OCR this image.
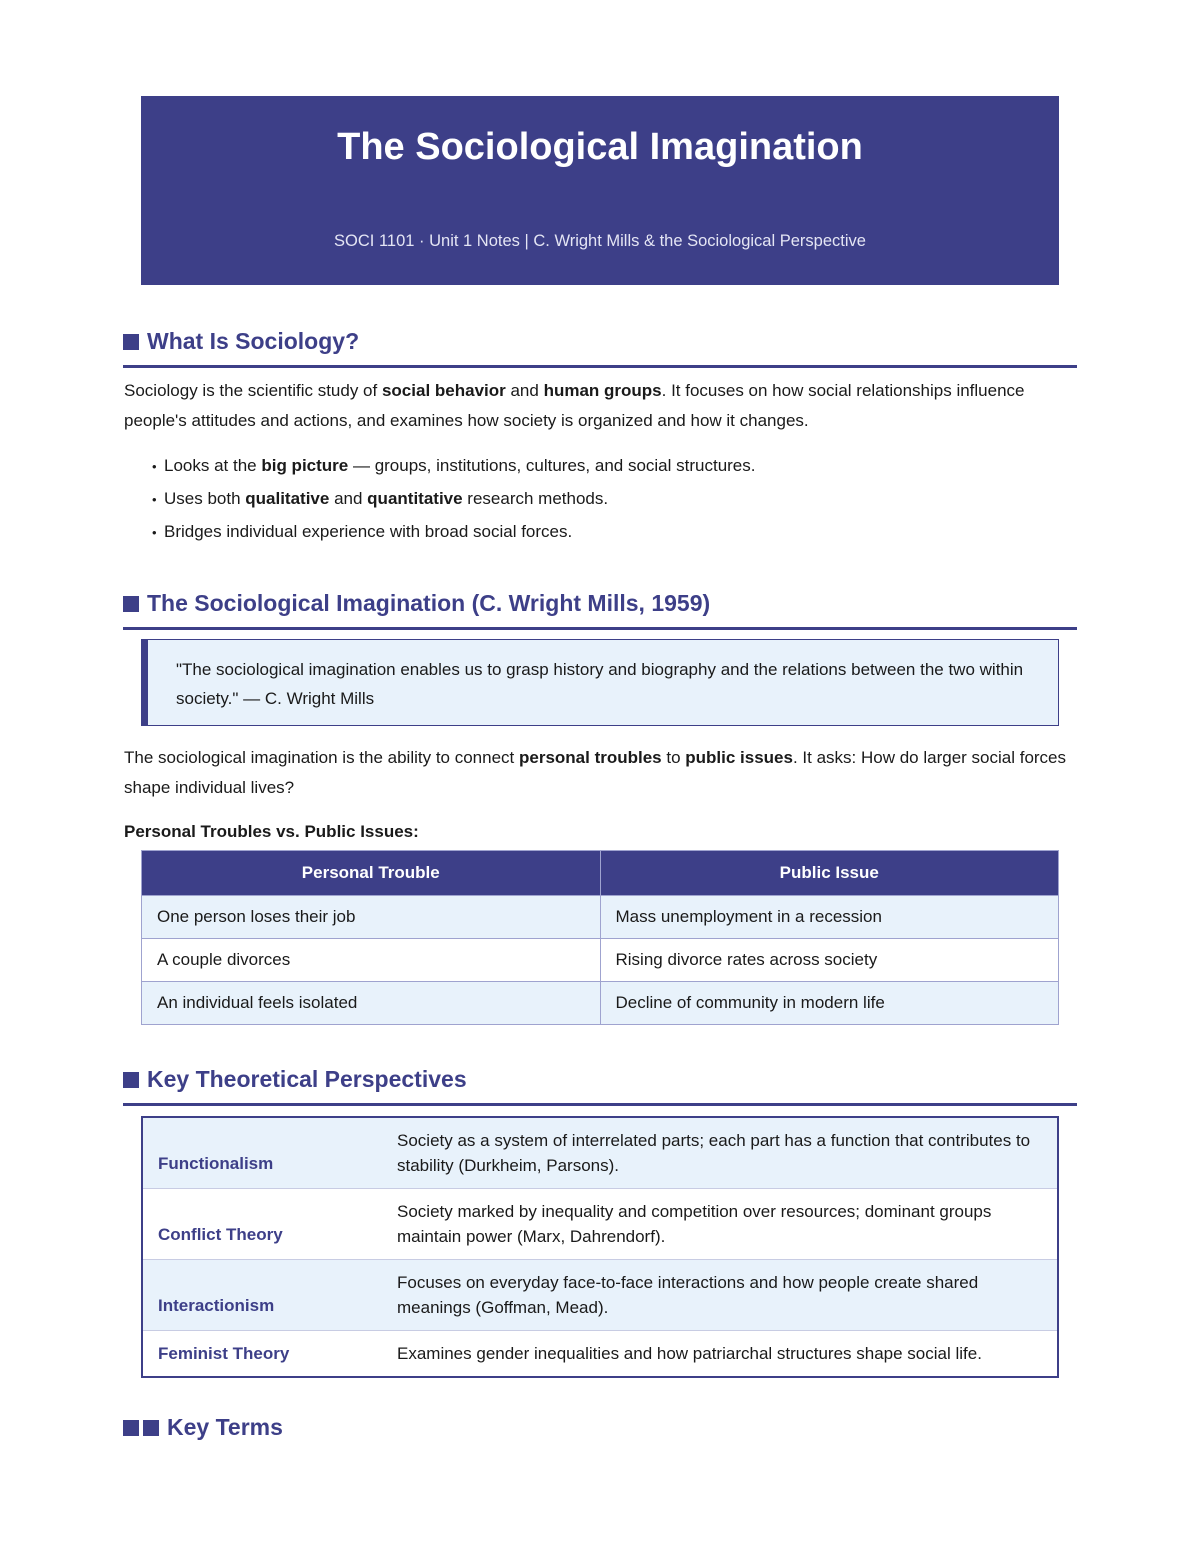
The Sociological Imagination
SOCI 1101 · Unit 1 Notes | C. Wright Mills & the Sociological Perspective
What Is Sociology?

Sociology is the scientific study of social behavior and human groups. It focuses on how social relationships influence people's attitudes and actions, and examines how society is organized and how it changes.

• Looks at the big picture — groups, institutions, cultures, and social structures.
• Uses both qualitative and quantitative research methods.
• Bridges individual experience with broad social forces.
The Sociological Imagination (C. Wright Mills, 1959)
"The sociological imagination enables us to grasp history and biography and the relations between the two within society." — C. Wright Mills

The sociological imagination is the ability to connect personal troubles to public issues. It asks: How do larger social forces shape individual lives?

Personal Troubles vs. Public Issues:
Personal Trouble	Public Issue
One person loses their job	Mass unemployment in a recession
A couple divorces	Rising divorce rates across society
An individual feels isolated	Decline of community in modern life
Key Theoretical Perspectives
Functionalism	Society as a system of interrelated parts; each part has a function that contributes to stability (Durkheim, Parsons).
Conflict Theory	Society marked by inequality and competition over resources; dominant groups maintain power (Marx, Dahrendorf).
Interactionism	Focuses on everyday face-to-face interactions and how people create shared meanings (Goffman, Mead).
Feminist Theory	Examines gender inequalities and how patriarchal structures shape social life.
Key Terms
